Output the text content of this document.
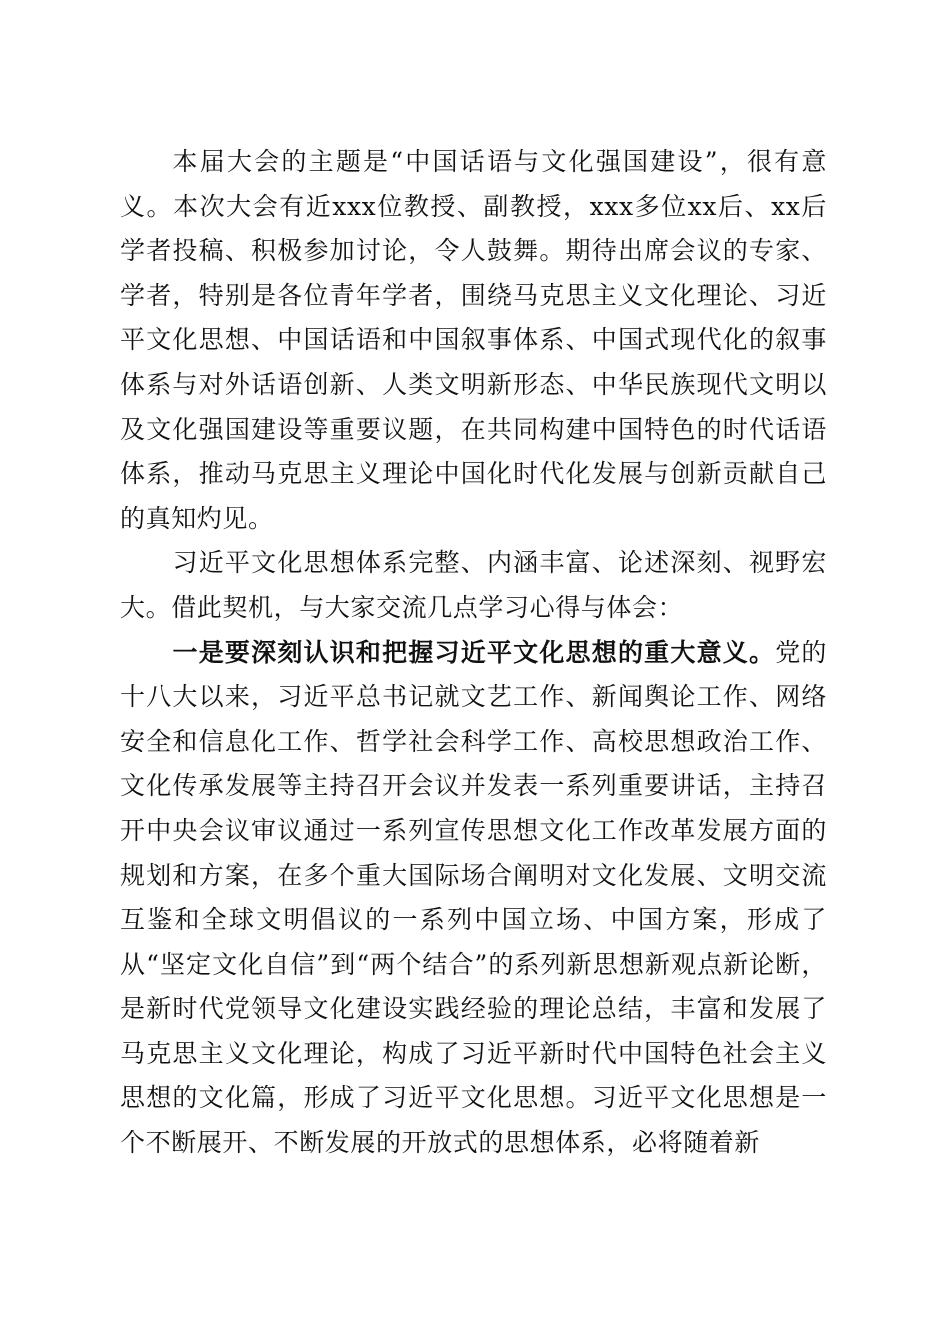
本届大会的主题是“中国话语与文化强国建设”，很有意义。本次大会有近xxx位教授、副教授，xxx多位xx后、xx后学者投稿、积极参加讨论，令人鼓舞。期待出席会议的专家、学者，特别是各位青年学者，围绕马克思主义文化理论、习近平文化思想、中国话语和中国叙事体系、中国式现代化的叙事体系与对外话语创新、人类文明新形态、中华民族现代文明以及文化强国建设等重要议题，在共同构建中国特色的时代话语体系，推动马克思主义理论中国化时代化发展与创新贡献自己的真知灼见。

习近平文化思想体系完整、内涵丰富、论述深刻、视野宏大。借此契机，与大家交流几点学习心得与体会：

一是要深刻认识和把握习近平文化思想的重大意义。党的十八大以来，习近平总书记就文艺工作、新闻舆论工作、网络安全和信息化工作、哲学社会科学工作、高校思想政治工作、文化传承发展等主持召开会议并发表一系列重要讲话，主持召开中央会议审议通过一系列宣传思想文化工作改革发展方面的规划和方案，在多个重大国际场合阐明对文化发展、文明交流互鉴和全球文明倡议的一系列中国立场、中国方案，形成了从“坚定文化自信”到“两个结合”的系列新思想新观点新论断，是新时代党领导文化建设实践经验的理论总结，丰富和发展了马克思主义文化理论，构成了习近平新时代中国特色社会主义思想的文化篇，形成了习近平文化思想。习近平文化思想是一个不断展开、不断发展的开放式的思想体系，必将随着新
